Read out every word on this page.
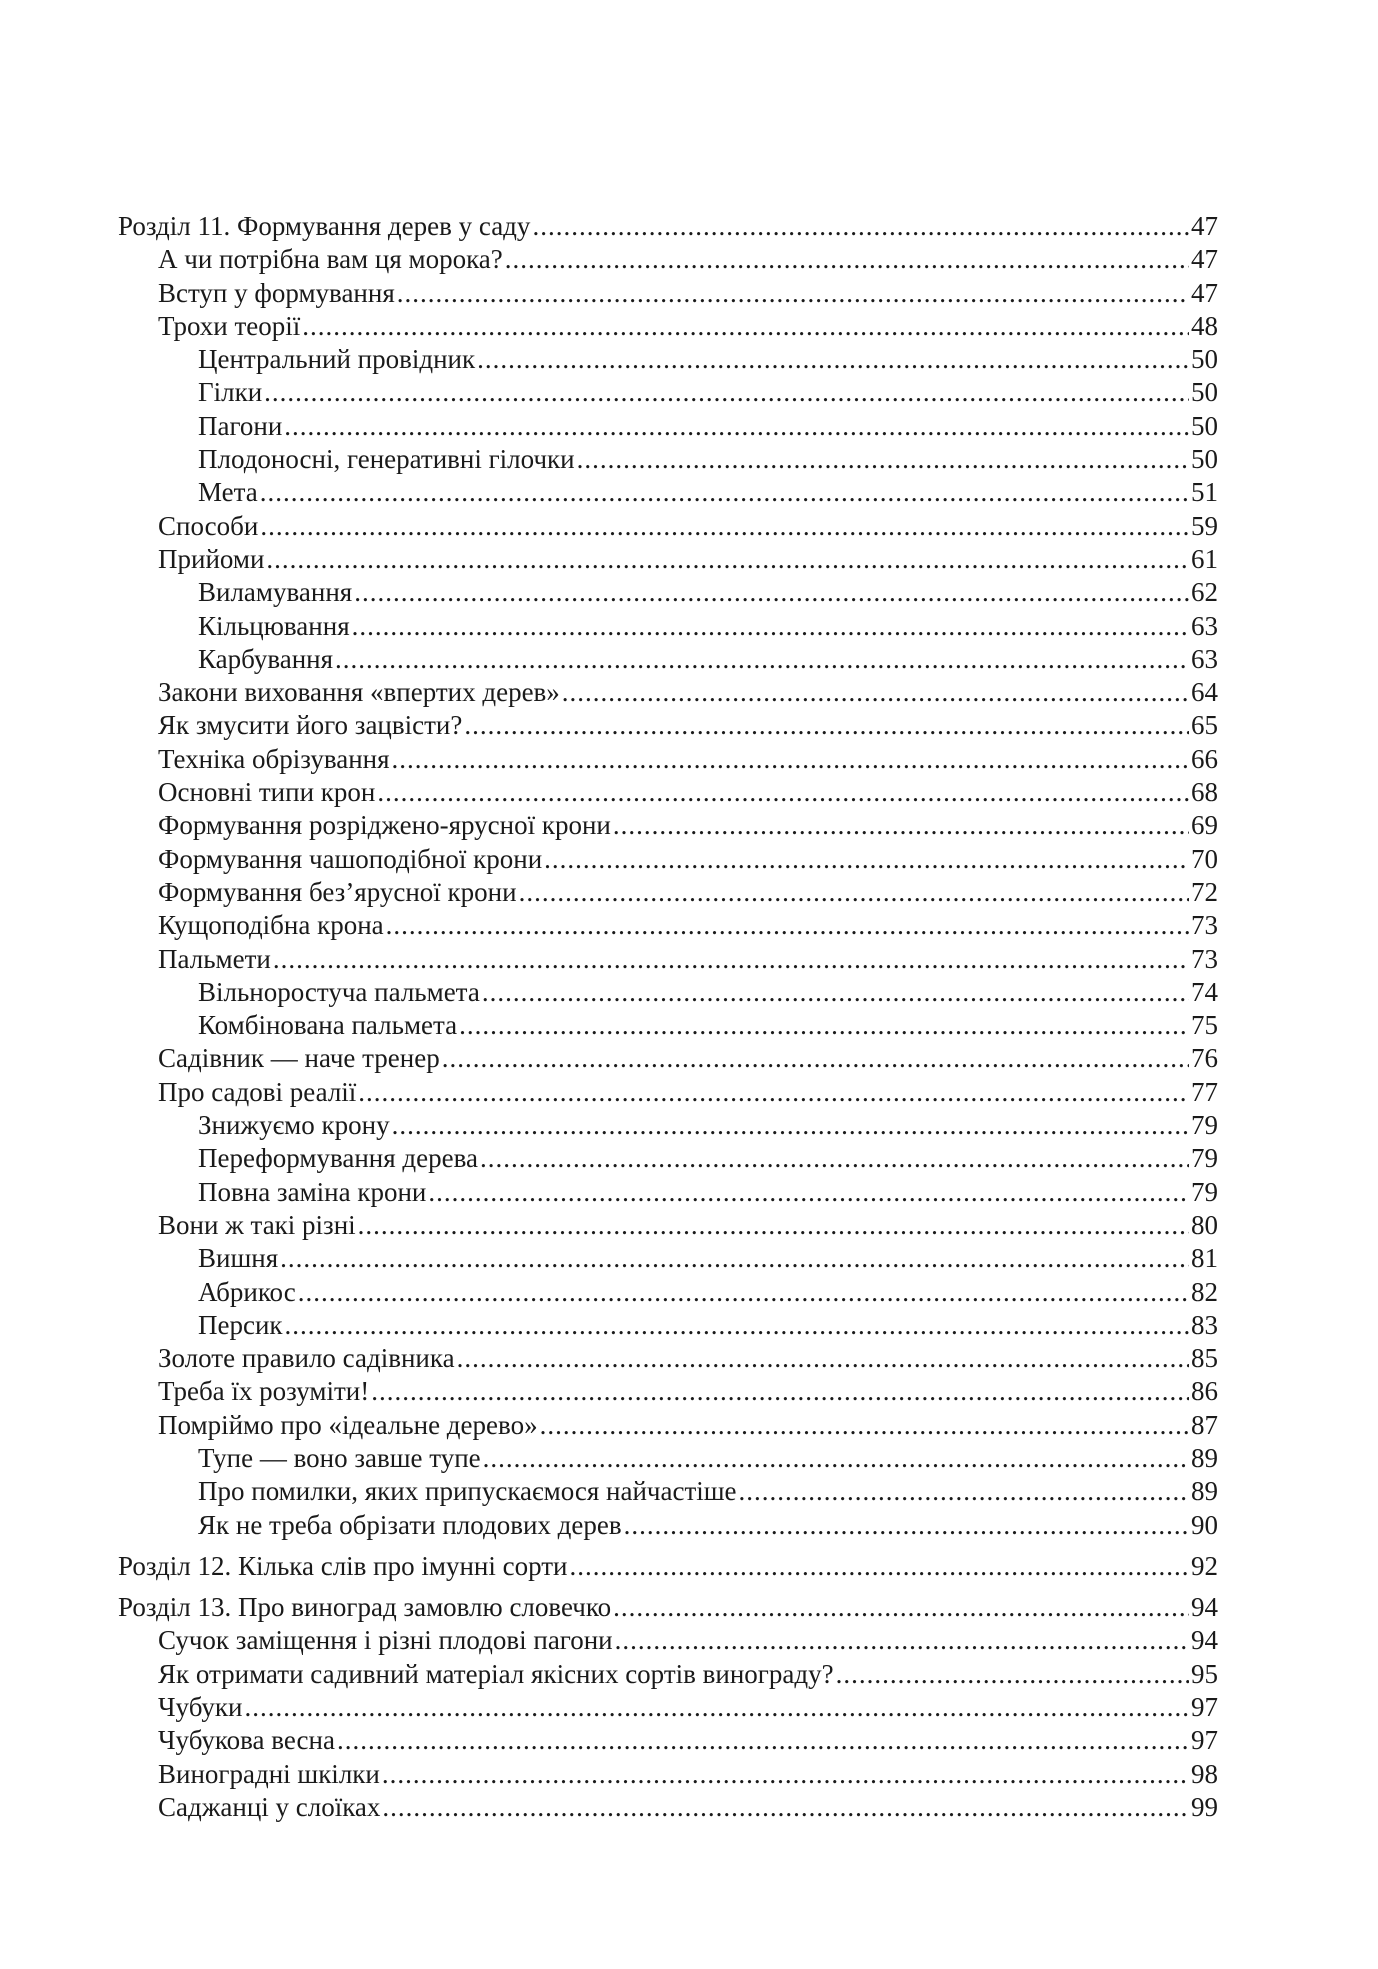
Розділ 11. Формування дерев у саду .....	47
А чи потрібна вам ця морока? .....	47
Вступ у формування .....	47
Трохи теорії .....	48
Центральний провідник .....	50
Гілки .....	50
Пагони .....	50
Плодоносні, генеративні гілочки .....	50
Мета .....	51
Способи .....	59
Прийоми .....	61
Виламування .....	62
Кільцювання .....	63
Карбування .....	63
Закони виховання «впертих дерев» .....	64
Як змусити його зацвісти? .....	65
Техніка обрізування .....	66
Основні типи крон .....	68
Формування розріджено-ярусної крони .....	69
Формування чашоподібної крони .....	70
Формування без’ярусної крони .....	72
Кущоподібна крона .....	73
Пальмети .....	73
Вільноростуча пальмета .....	74
Комбінована пальмета .....	75
Садівник — наче тренер .....	76
Про садові реалії .....	77
Знижуємо крону .....	79
Переформування дерева .....	79
Повна заміна крони .....	79
Вони ж такі різні .....	80
Вишня .....	81
Абрикос .....	82
Персик .....	83
Золоте правило садівника .....	85
Треба їх розуміти! .....	86
Помріймо про «ідеальне дерево» .....	87
Тупе — воно завше тупе .....	89
Про помилки, яких припускаємося найчастіше .....	89
Як не треба обрізати плодових дерев .....	90
Розділ 12. Кілька слів про імунні сорти .....	92
Розділ 13. Про виноград замовлю словечко .....	94
Сучок заміщення і різні плодові пагони .....	94
Як отримати садивний матеріал якісних сортів винограду? .....	95
Чубуки .....	97
Чубукова весна .....	97
Виноградні шкілки .....	98
Саджанці у слоїках .....	99
